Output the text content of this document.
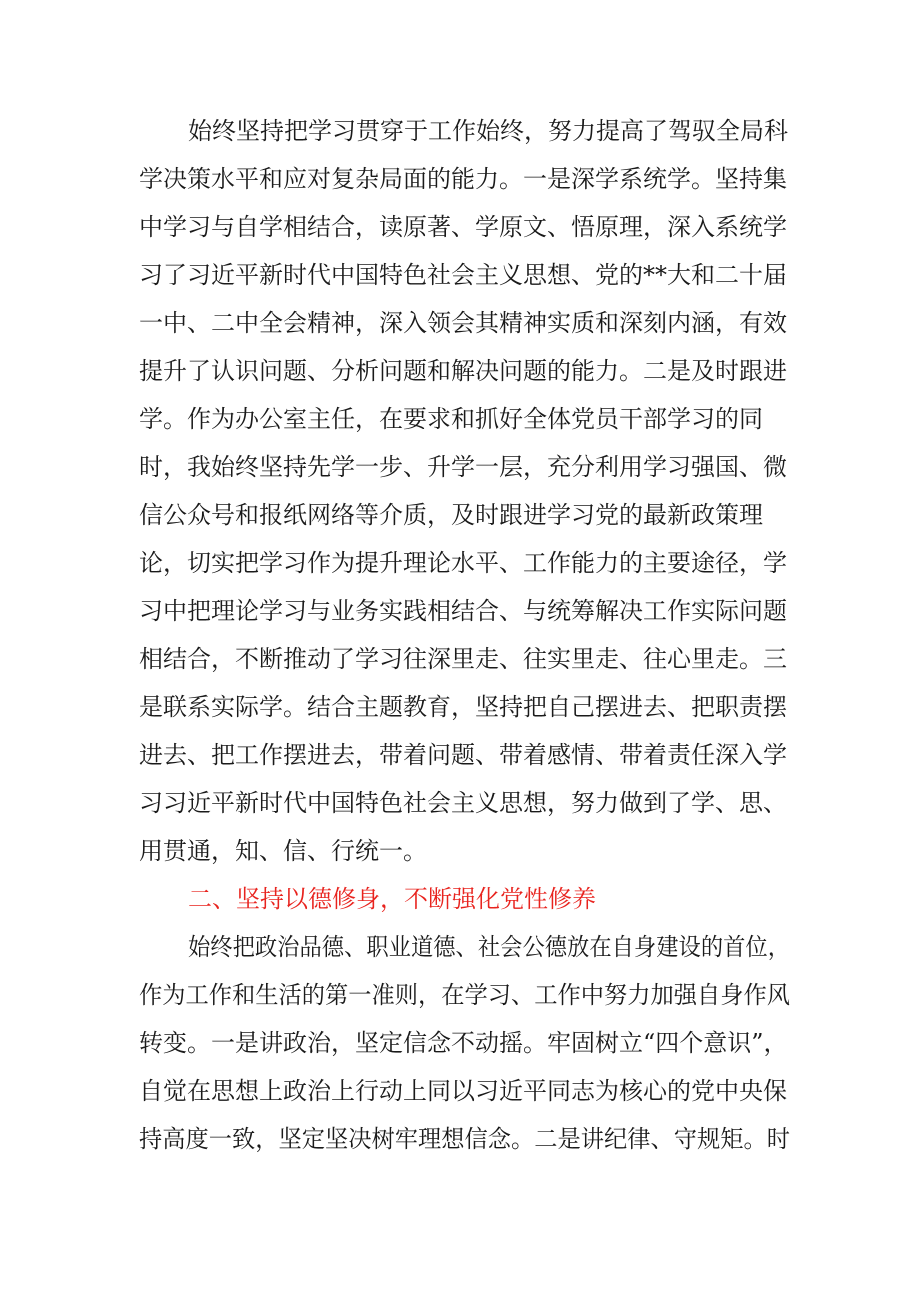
始终坚持把学习贯穿于工作始终，努力提高了驾驭全局科
学决策水平和应对复杂局面的能力。一是深学系统学。坚持集
中学习与自学相结合，读原著、学原文、悟原理，深入系统学
习了习近平新时代中国特色社会主义思想、党的**大和二十届
一中、二中全会精神，深入领会其精神实质和深刻内涵，有效
提升了认识问题、分析问题和解决问题的能力。二是及时跟进
学。作为办公室主任，在要求和抓好全体党员干部学习的同
时，我始终坚持先学一步、升学一层，充分利用学习强国、微
信公众号和报纸网络等介质，及时跟进学习党的最新政策理
论，切实把学习作为提升理论水平、工作能力的主要途径，学
习中把理论学习与业务实践相结合、与统筹解决工作实际问题
相结合，不断推动了学习往深里走、往实里走、往心里走。三
是联系实际学。结合主题教育，坚持把自己摆进去、把职责摆
进去、把工作摆进去，带着问题、带着感情、带着责任深入学
习习近平新时代中国特色社会主义思想，努力做到了学、思、
用贯通，知、信、行统一。
二、坚持以德修身，不断强化党性修养
始终把政治品德、职业道德、社会公德放在自身建设的首位，
作为工作和生活的第一准则，在学习、工作中努力加强自身作风
转变。一是讲政治，坚定信念不动摇。牢固树立“四个意识”，
自觉在思想上政治上行动上同以习近平同志为核心的党中央保
持高度一致，坚定坚决树牢理想信念。二是讲纪律、守规矩。时
